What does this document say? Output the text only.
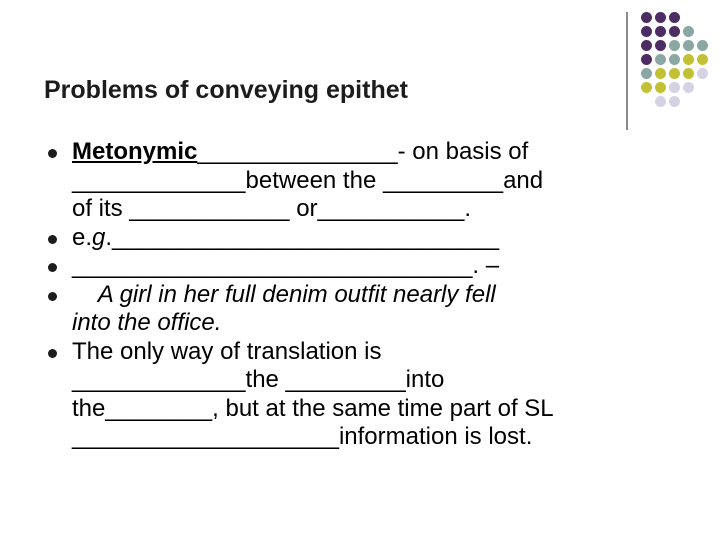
Problems of conveying epithet
Metonymic_______________- on basis of
_____________between the _________and
of its ____________ or___________.
e.g._____________________________
______________________________. –
A girl in her full denim outfit nearly fell
into the office.
The only way of translation is
_____________the _________into
the________, but at the same time part of SL
____________________information is lost.
